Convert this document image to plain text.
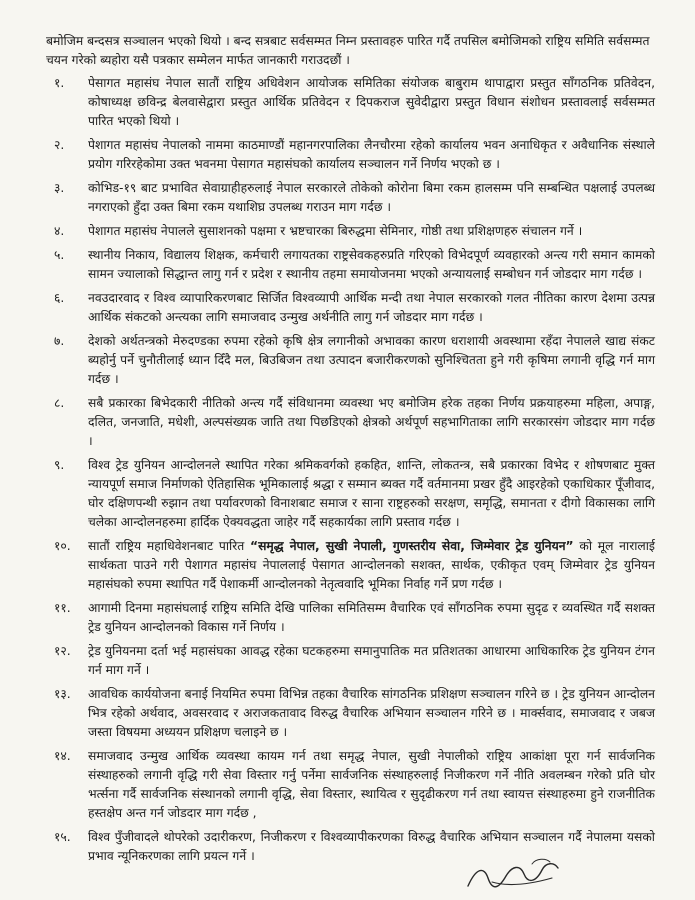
बमोजिम बन्दसत्र सञ्चालन भएको थियो । बन्द सत्रबाट सर्वसम्मत निम्न प्रस्तावहरु पारित गर्दै तपसिल बमोजिमको राष्ट्रिय समिति सर्वसम्मत चयन गरेको ब्यहोरा यसै पत्रकार सम्मेलन मार्फत जानकारी गराउदछौं ।

१.	पेसागत महासंघ नेपाल सातौं राष्ट्रिय अधिवेशन आयोजक समितिका संयोजक बाबुराम थापाद्वारा प्रस्तुत साँगठनिक प्रतिवेदन, कोषाध्यक्ष छविन्द्र बेलवासेद्वारा प्रस्तुत आर्थिक प्रतिवेदन र दिपकराज सुवेदीद्वारा प्रस्तुत विधान संशोधन प्रस्तावलाई सर्वसम्मत पारित भएको थियो ।
२.	पेशागत महासंघ नेपालको नाममा काठमाण्डौं महानगरपालिका लैनचौरमा रहेको कार्यालय भवन अनाधिकृत र अवैधानिक संस्थाले प्रयोग गरिरहेकोमा उक्त भवनमा पेसागत महासंघको कार्यालय सञ्चालन गर्ने निर्णय भएको छ ।
३.	कोभिड-१९ बाट प्रभावित सेवाग्राहीहरुलाई नेपाल सरकारले तोकेको कोरोना बिमा रकम हालसम्म पनि सम्बन्धित पक्षलाई उपलब्ध नगराएको हुँदा उक्त बिमा रकम यथाशिघ्र उपलब्ध गराउन माग गर्दछ ।
४.	पेशागत महासंघ नेपालले सुसाशनको पक्षमा र भ्रष्टचारका बिरुद्धमा सेमिनार, गोष्ठी तथा प्रशिक्षणहरु संचालन गर्ने ।
५.	स्थानीय निकाय, विद्यालय शिक्षक, कर्मचारी लगायतका राष्ट्रसेवकहरुप्रति गरिएको विभेदपूर्ण व्यवहारको अन्त्य गरी समान कामको सामन ज्यालाको सिद्धान्त लागु गर्न र प्रदेश र स्थानीय तहमा समायोजनमा भएको अन्यायलाई सम्बोधन गर्न जोडदार माग गर्दछ ।
६.	नवउदारवाद र विश्व व्यापारिकरणबाट सिर्जित विश्वव्यापी आर्थिक मन्दी तथा नेपाल सरकारको गलत नीतिका कारण देशमा उत्पन्न आर्थिक संकटको अन्त्यका लागि समाजवाद उन्मुख अर्थनीति लागु गर्न जोडदार माग गर्दछ ।
७.	देशको अर्थतन्त्रको मेरुदण्डका रुपमा रहेको कृषि क्षेत्र लगानीको अभावका कारण धराशायी अवस्थामा रहँदा नेपालले खाद्य संकट ब्यहोर्नु पर्ने चुनौतीलाई ध्यान दिँदै मल, बिउबिजन तथा उत्पादन बजारीकरणको सुनिश्चितता हुने गरी कृषिमा लगानी वृद्धि गर्न माग गर्दछ ।
८.	सबै प्रकारका बिभेदकारी नीतिको अन्त्य गर्दै संविधानमा व्यवस्था भए बमोजिम हरेक तहका निर्णय प्रक्रयाहरुमा महिला, अपाङ्ग, दलित, जनजाति, मधेशी, अल्पसंख्यक जाति तथा पिछडिएको क्षेत्रको अर्थपूर्ण सहभागिताका लागि सरकारसंग जोडदार माग गर्दछ ।
९.	विश्व ट्रेड युनियन आन्दोलनले स्थापित गरेका श्रमिकवर्गको हकहित, शान्ति, लोकतन्त्र, सबै प्रकारका विभेद र शोषणबाट मुक्त न्यायपूर्ण समाज निर्माणको ऐतिहासिक भूमिकालाई श्रद्धा र सम्मान ब्यक्त गर्दै वर्तमानमा प्रखर हुँदै आइरहेको एकाधिकार पूँजीवाद, घोर दक्षिणपन्थी रुझान तथा पर्यावरणको विनाशबाट समाज र साना राष्ट्रहरुको सरक्षण, समृद्धि, समानता र दीगो विकासका लागि चलेका आन्दोलनहरुमा हार्दिक ऐक्यवद्धता जाहेर गर्दै सहकार्यका लागि प्रस्ताव गर्दछ ।
१०.	सातौं राष्ट्रिय महाधिवेशनबाट पारित “समृद्ध नेपाल, सुखी नेपाली, गुणस्तरीय सेवा, जिम्मेवार ट्रेड युनियन” को मूल नारालाई सार्थकता पाउने गरी पेशागत महासंघ नेपाललाई पेसागत आन्दोलनको सशक्त, सार्थक, एकीकृत एवम् जिम्मेवार ट्रेड युनियन महासंघको रुपमा स्थापित गर्दै पेशाकर्मी आन्दोलनको नेतृत्ववादि भूमिका निर्वाह गर्ने प्रण गर्दछ ।
११.	आगामी दिनमा महासंघलाई राष्ट्रिय समिति देखि पालिका समितिसम्म वैचारिक एवं साँगठनिक रुपमा सुदृढ र व्यवस्थित गर्दै सशक्त ट्रेड युनियन आन्दोलनको विकास गर्ने निर्णय ।
१२.	ट्रेड युनियनमा दर्ता भई महासंघका आवद्ध रहेका घटकहरुमा समानुपातिक मत प्रतिशतका आधारमा आधिकारिक ट्रेड युनियन टंगन गर्न माग गर्ने ।
१३.	आवधिक कार्ययोजना बनाई नियमित रुपमा विभिन्न तहका वैचारिक सांगठनिक प्रशिक्षण सञ्चालन गरिने छ । ट्रेड युनियन आन्दोलन भित्र रहेको अर्थवाद, अवसरवाद र अराजकतावाद विरुद्ध वैचारिक अभियान सञ्चालन गरिने छ । मार्क्सवाद, समाजवाद र जबज जस्ता विषयमा अध्ययन प्रशिक्षण चलाइने छ ।
१४.	समाजवाद उन्मुख आर्थिक व्यवस्था कायम गर्न तथा समृद्ध नेपाल, सुखी नेपालीको राष्ट्रिय आकांक्षा पूरा गर्न सार्वजनिक संस्थाहरुको लगानी वृद्धि गरी सेवा विस्तार गर्नु पर्नेमा सार्वजनिक संस्थाहरुलाई निजीकरण गर्ने नीति अवलम्बन गरेको प्रति घोर भर्त्सना गर्दै सार्वजनिक संस्थानको लगानी वृद्धि, सेवा विस्तार, स्थायित्व र सुदृढीकरण गर्न तथा स्वायत्त संस्थाहरुमा हुने राजनीतिक हस्तक्षेप अन्त गर्न जोडदार माग गर्दछ ,
१५.	विश्व पुँजीवादले थोपरेको उदारीकरण, निजीकरण र विश्वव्यापीकरणका विरुद्ध वैचारिक अभियान सञ्चालन गर्दै नेपालमा यसको प्रभाव न्यूनिकरणका लागि प्रयत्न गर्ने ।
